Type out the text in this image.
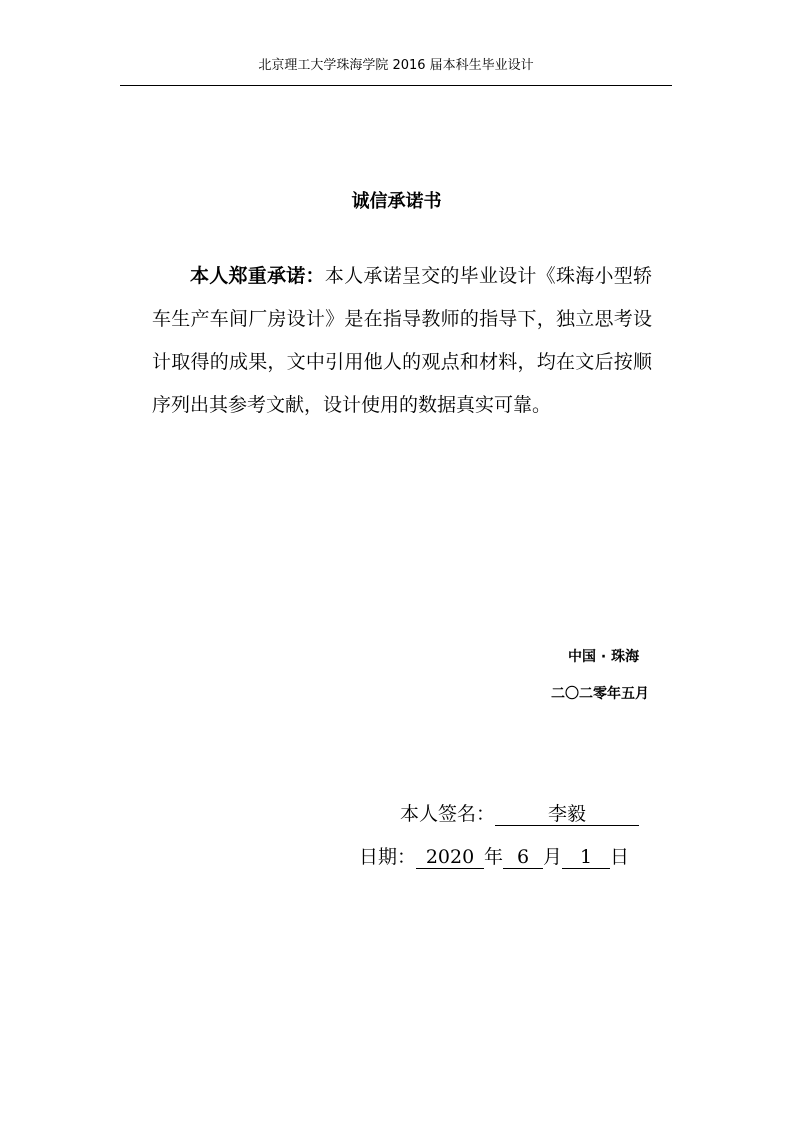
北京理工大学珠海学院 2016 届本科生毕业设计
诚信承诺书
本人郑重承诺：本人承诺呈交的毕业设计《珠海小型轿车生产车间厂房设计》是在指导教师的指导下，独立思考设计取得的成果，文中引用他人的观点和材料，均在文后按顺序列出其参考文献，设计使用的数据真实可靠。
中国 · 珠海
二〇二零年五月
本人签名：	李毅
日期： 2020 年 6 月 1 日
